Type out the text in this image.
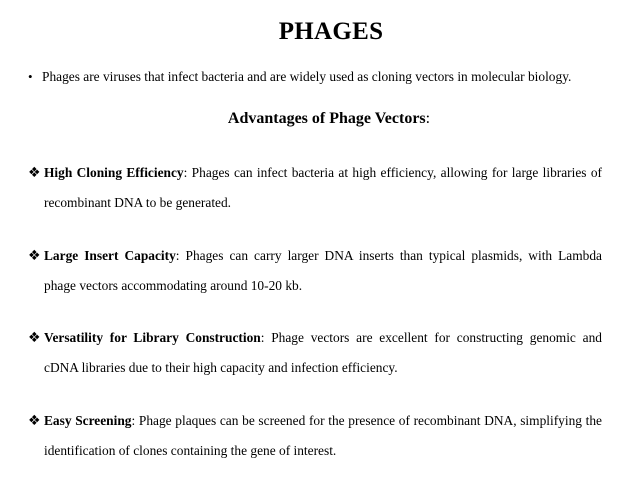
PHAGES
• Phages are viruses that infect bacteria and are widely used as cloning vectors in molecular biology.
Advantages of Phage Vectors:
❖ High Cloning Efficiency: Phages can infect bacteria at high efficiency, allowing for large libraries of recombinant DNA to be generated.
❖ Large Insert Capacity: Phages can carry larger DNA inserts than typical plasmids, with Lambda phage vectors accommodating around 10-20 kb.
❖ Versatility for Library Construction: Phage vectors are excellent for constructing genomic and cDNA libraries due to their high capacity and infection efficiency.
❖ Easy Screening: Phage plaques can be screened for the presence of recombinant DNA, simplifying the identification of clones containing the gene of interest.
